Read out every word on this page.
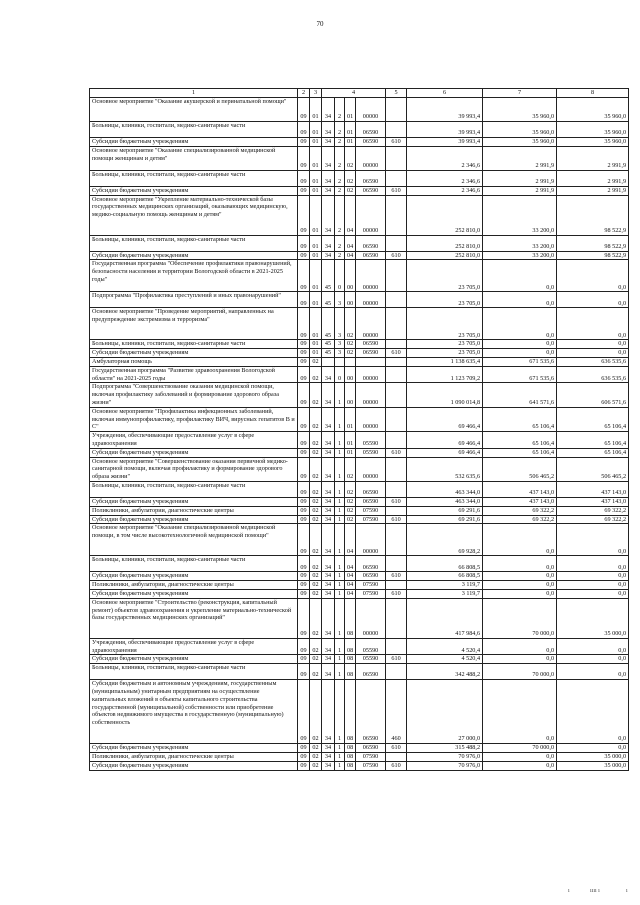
70
1	2	3	4				5	6	7	8
Основное мероприятие "Оказание акушерской и перинатальной помощи"	09	01	34	2	01	00000		39 993,4	35 960,0	35 960,0
Больницы, клиники, госпитали, медико-санитарные части	09	01	34	2	01	06590		39 993,4	35 960,0	35 960,0
Субсидии бюджетным учреждениям	09	01	34	2	01	06590	610	39 993,4	35 960,0	35 960,0
Основное мероприятие "Оказание специализированной медицинской помощи женщинам и детям"	09	01	34	2	02	00000		2 346,6	2 991,9	2 991,9
Больницы, клиники, госпитали, медико-санитарные части	09	01	34	2	02	06590		2 346,6	2 991,9	2 991,9
Субсидии бюджетным учреждениям	09	01	34	2	02	06590	610	2 346,6	2 991,9	2 991,9
Основное мероприятие "Укрепление материально-технической базы государственных медицинских организаций, оказывающих медицинскую, медико-социальную помощь женщинам и детям"	09	01	34	2	04	00000		252 810,0	33 200,0	98 522,9
Больницы, клиники, госпитали, медико-санитарные части	09	01	34	2	04	06590		252 810,0	33 200,0	98 522,9
Субсидии бюджетным учреждениям	09	01	34	2	04	06590	610	252 810,0	33 200,0	98 522,9
Государственная программа "Обеспечение профилактики правонарушений, безопасности населения и территории Вологодской области в 2021-2025 годы"	09	01	45	0	00	00000		23 705,0	0,0	0,0
Подпрограмма "Профилактика преступлений и иных правонарушений"	09	01	45	3	00	00000		23 705,0	0,0	0,0
Основное мероприятие "Проведение мероприятий, направленных на предупреждение экстремизма и терроризма"	09	01	45	3	02	00000		23 705,0	0,0	0,0
Больницы, клиники, госпитали, медико-санитарные части	09	01	45	3	02	06590		23 705,0	0,0	0,0
Субсидии бюджетным учреждениям	09	01	45	3	02	06590	610	23 705,0	0,0	0,0
Амбулаторная помощь	09	02						1 138 635,4	671 535,6	636 535,6
Государственная программа "Развитие здравоохранения Вологодской области" на 2021-2025 годы	09	02	34	0	00	00000		1 123 709,2	671 535,6	636 535,6
Подпрограмма "Совершенствование оказания медицинской помощи, включая профилактику заболеваний и формирование здорового образа жизни"	09	02	34	1	00	00000		1 090 014,8	641 571,6	606 571,6
Основное мероприятие "Профилактика инфекционных заболеваний, включая иммунопрофилактику, профилактику ВИЧ, вирусных гепатитов В и С"	09	02	34	1	01	00000		69 466,4	65 106,4	65 106,4
Учреждения, обеспечивающие предоставление услуг в сфере здравоохранения	09	02	34	1	01	05590		69 466,4	65 106,4	65 106,4
Субсидии бюджетным учреждениям	09	02	34	1	01	05590	610	69 466,4	65 106,4	65 106,4
Основное мероприятие "Совершенствование оказания первичной медико-санитарной помощи, включая профилактику и формирование здорового образа жизни"	09	02	34	1	02	00000		532 635,6	506 465,2	506 465,2
Больницы, клиники, госпитали, медико-санитарные части	09	02	34	1	02	06590		463 344,0	437 143,0	437 143,0
Субсидии бюджетным учреждениям	09	02	34	1	02	06590	610	463 344,0	437 143,0	437 143,0
Поликлиники, амбулатории, диагностические центры	09	02	34	1	02	07590		69 291,6	69 322,2	69 322,2
Субсидии бюджетным учреждениям	09	02	34	1	02	07590	610	69 291,6	69 322,2	69 322,2
Основное мероприятие "Оказание специализированной медицинской помощи, в том числе высокотехнологичной медицинской помощи"	09	02	34	1	04	00000		69 928,2	0,0	0,0
Больницы, клиники, госпитали, медико-санитарные части	09	02	34	1	04	06590		66 808,5	0,0	0,0
Субсидии бюджетным учреждениям	09	02	34	1	04	06590	610	66 808,5	0,0	0,0
Поликлиники, амбулатории, диагностические центры	09	02	34	1	04	07590		3 119,7	0,0	0,0
Субсидии бюджетным учреждениям	09	02	34	1	04	07590	610	3 119,7	0,0	0,0
Основное мероприятие "Строительство (реконструкция, капитальный ремонт) объектов здравоохранения и укрепление материально-технической базы государственных медицинских организаций"	09	02	34	1	08	00000		417 984,6	70 000,0	35 000,0
Учреждения, обеспечивающие предоставление услуг в сфере здравоохранения	09	02	34	1	08	05590		4 520,4	0,0	0,0
Субсидии бюджетным учреждениям	09	02	34	1	08	05590	610	4 520,4	0,0	0,0
Больницы, клиники, госпитали, медико-санитарные части	09	02	34	1	08	06590		342 488,2	70 000,0	0,0
Субсидии бюджетным и автономным учреждениям, государственным (муниципальным) унитарным предприятиям на осуществление капитальных вложений в объекты капитального строительства государственной (муниципальной) собственности или приобретение объектов недвижимого имущества в государственную (муниципальную) собственность	09	02	34	1	08	06590	460	27 000,0	0,0	0,0
Субсидии бюджетным учреждениям	09	02	34	1	08	06590	610	315 488,2	70 000,0	0,0
Поликлиники, амбулатории, диагностические центры	09	02	34	1	08	07590		70 976,0	0,0	35 000,0
Субсидии бюджетным учреждениям	09	02	34	1	08	07590	610	70 976,0	0,0	35 000,0
ı	ıııı ı	ı
